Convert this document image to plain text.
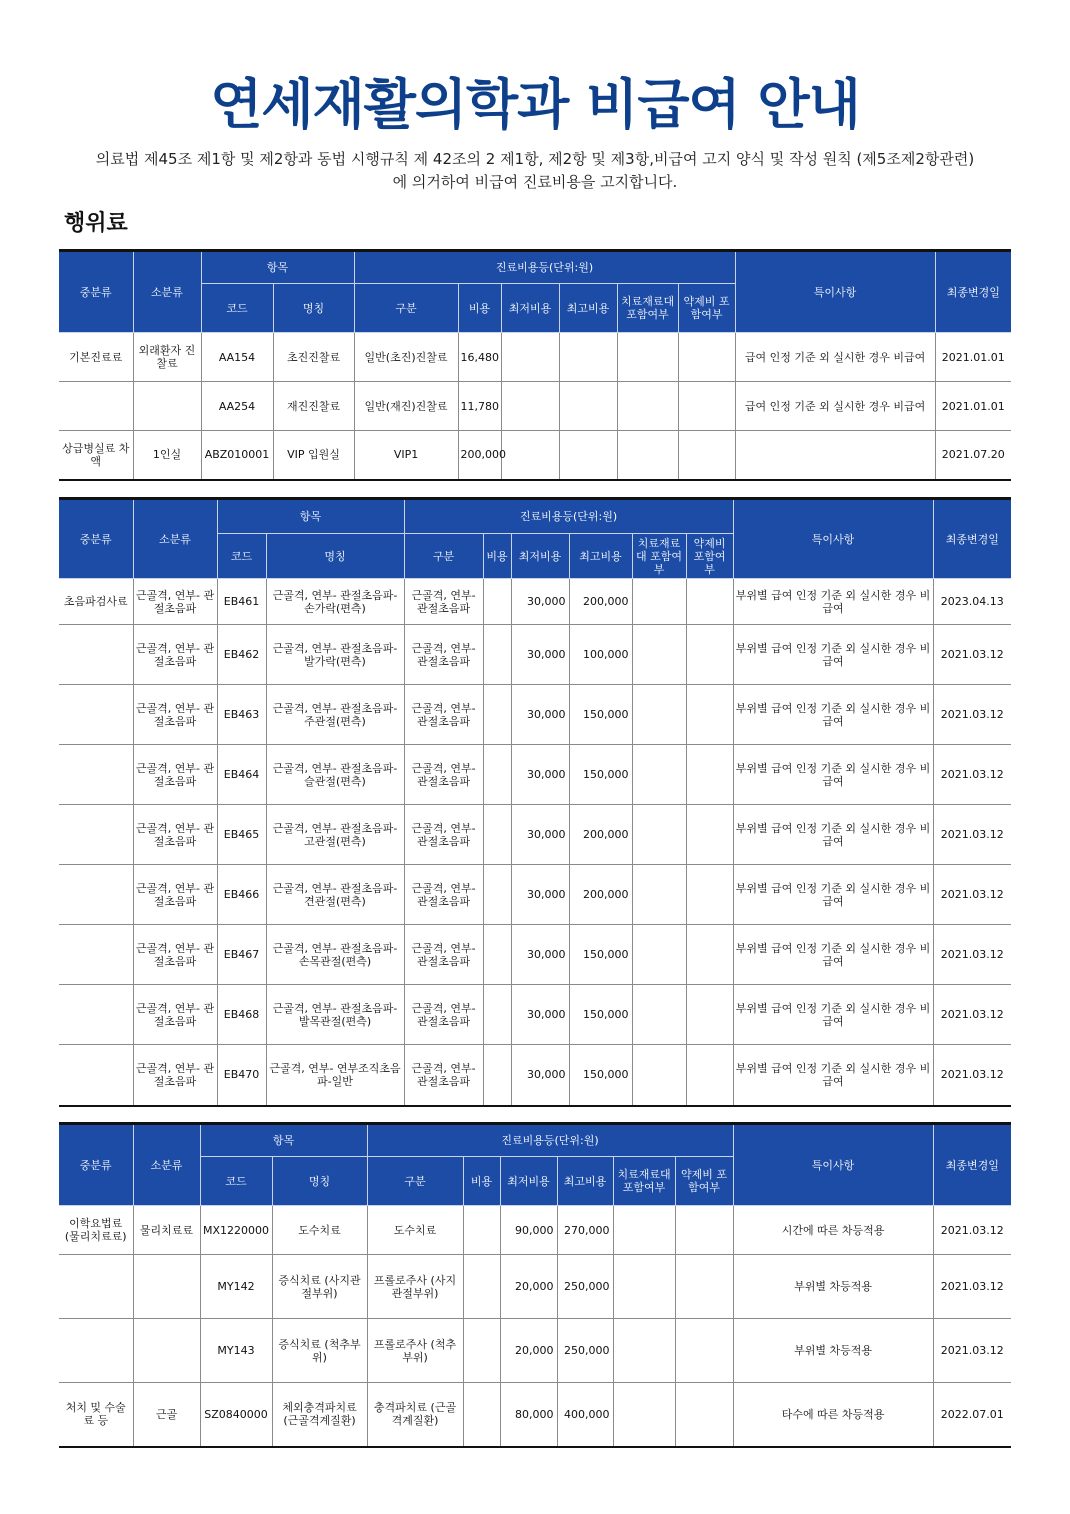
연세재활의학과 비급여 안내
의료법 제45조 제1항 및 제2항과 동법 시행규칙 제 42조의 2 제1항, 제2항 및 제3항,비급여 고지 양식 및 작성 원칙 (제5조제2항관련)에 의거하여 비급여 진료비용을 고지합니다.
행위료
중분류	소분류	항목		진료비용등(단위:원)						특이사항	최종변경일
		코드	명칭	구분	비용	최저비용	최고비용	치료재료대 포함여부	약제비 포함여부		
기본진료료	외래환자 진찰료	AA154	초진진찰료	일반(초진)진찰료	16,480					급여 인정 기준 외 실시한 경우 비급여	2021.01.01
		AA254	재진진찰료	일반(재진)진찰료	11,780					급여 인정 기준 외 실시한 경우 비급여	2021.01.01
상급병실료 차액	1인실	ABZ010001	VIP 입원실	VIP1	200,000						2021.07.20
중분류	소분류	항목		진료비용등(단위:원)						특이사항	최종변경일
		코드	명칭	구분	비용	최저비용	최고비용	치료재료대 포함여부	약제비 포함여부		
초음파검사료	근골격, 연부- 관절초음파	EB461	근골격, 연부- 관절초음파- 손가락(편측)	근골격, 연부- 관절초음파		30,000	200,000			부위별 급여 인정 기준 외 실시한 경우 비급여	2023.04.13
	근골격, 연부- 관절초음파	EB462	근골격, 연부- 관절초음파- 발가락(편측)	근골격, 연부- 관절초음파		30,000	100,000			부위별 급여 인정 기준 외 실시한 경우 비급여	2021.03.12
	근골격, 연부- 관절초음파	EB463	근골격, 연부- 관절초음파- 주관절(편측)	근골격, 연부- 관절초음파		30,000	150,000			부위별 급여 인정 기준 외 실시한 경우 비급여	2021.03.12
	근골격, 연부- 관절초음파	EB464	근골격, 연부- 관절초음파- 슬관절(편측)	근골격, 연부- 관절초음파		30,000	150,000			부위별 급여 인정 기준 외 실시한 경우 비급여	2021.03.12
	근골격, 연부- 관절초음파	EB465	근골격, 연부- 관절초음파- 고관절(편측)	근골격, 연부- 관절초음파		30,000	200,000			부위별 급여 인정 기준 외 실시한 경우 비급여	2021.03.12
	근골격, 연부- 관절초음파	EB466	근골격, 연부- 관절초음파- 견관절(편측)	근골격, 연부- 관절초음파		30,000	200,000			부위별 급여 인정 기준 외 실시한 경우 비급여	2021.03.12
	근골격, 연부- 관절초음파	EB467	근골격, 연부- 관절초음파- 손목관절(편측)	근골격, 연부- 관절초음파		30,000	150,000			부위별 급여 인정 기준 외 실시한 경우 비급여	2021.03.12
	근골격, 연부- 관절초음파	EB468	근골격, 연부- 관절초음파- 발목관절(편측)	근골격, 연부- 관절초음파		30,000	150,000			부위별 급여 인정 기준 외 실시한 경우 비급여	2021.03.12
	근골격, 연부- 관절초음파	EB470	근골격, 연부- 연부조직초음파-일반	근골격, 연부- 관절초음파		30,000	150,000			부위별 급여 인정 기준 외 실시한 경우 비급여	2021.03.12
중분류	소분류	항목		진료비용등(단위:원)						특이사항	최종변경일
		코드	명칭	구분	비용	최저비용	최고비용	치료재료대 포함여부	약제비 포함여부		
이학요법료 (물리치료료)	물리치료료	MX1220000	도수치료	도수치료		90,000	270,000			시간에 따른 차등적용	2021.03.12
		MY142	증식치료 (사지관절부위)	프롤로주사 (사지관절부위)		20,000	250,000			부위별 차등적용	2021.03.12
		MY143	증식치료 (척추부위)	프롤로주사 (척추부위)		20,000	250,000			부위별 차등적용	2021.03.12
처치 및 수술료 등	근골	SZ0840000	체외충격파치료 (근골격계질환)	충격파치료 (근골격계질환)		80,000	400,000			타수에 따른 차등적용	2022.07.01
